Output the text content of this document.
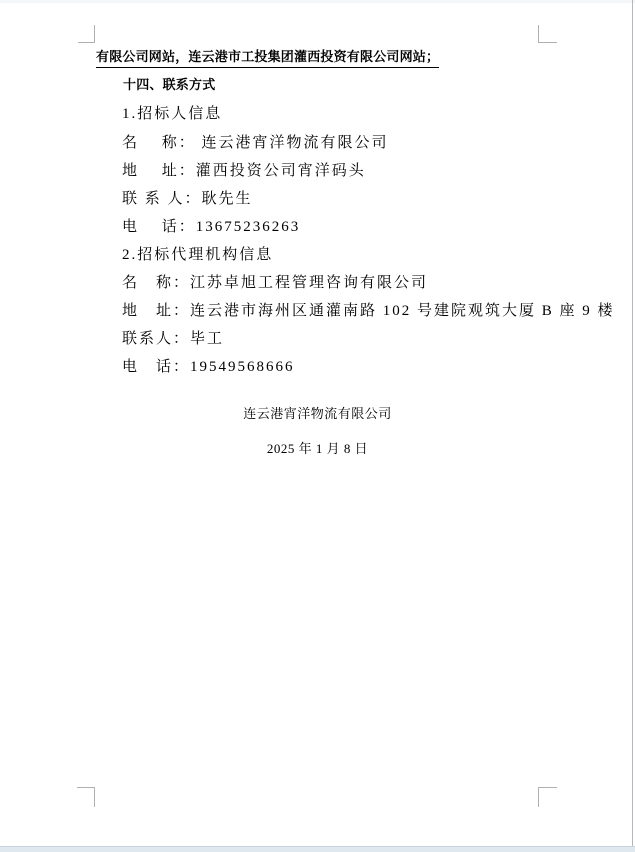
有限公司网站，连云港市工投集团灌西投资有限公司网站；
十四、联系方式
1.招标人信息
名　 称： 连云港宵洋物流有限公司
地　 址：灌西投资公司宵洋码头
联 系 人：耿先生
电　 话：13675236263
2.招标代理机构信息
名　称：江苏卓旭工程管理咨询有限公司
地　址：连云港市海州区通灌南路 102 号建院观筑大厦 B 座 9 楼
联系人：毕工
电　话：19549568666
连云港宵洋物流有限公司
2025 年 1 月 8 日
